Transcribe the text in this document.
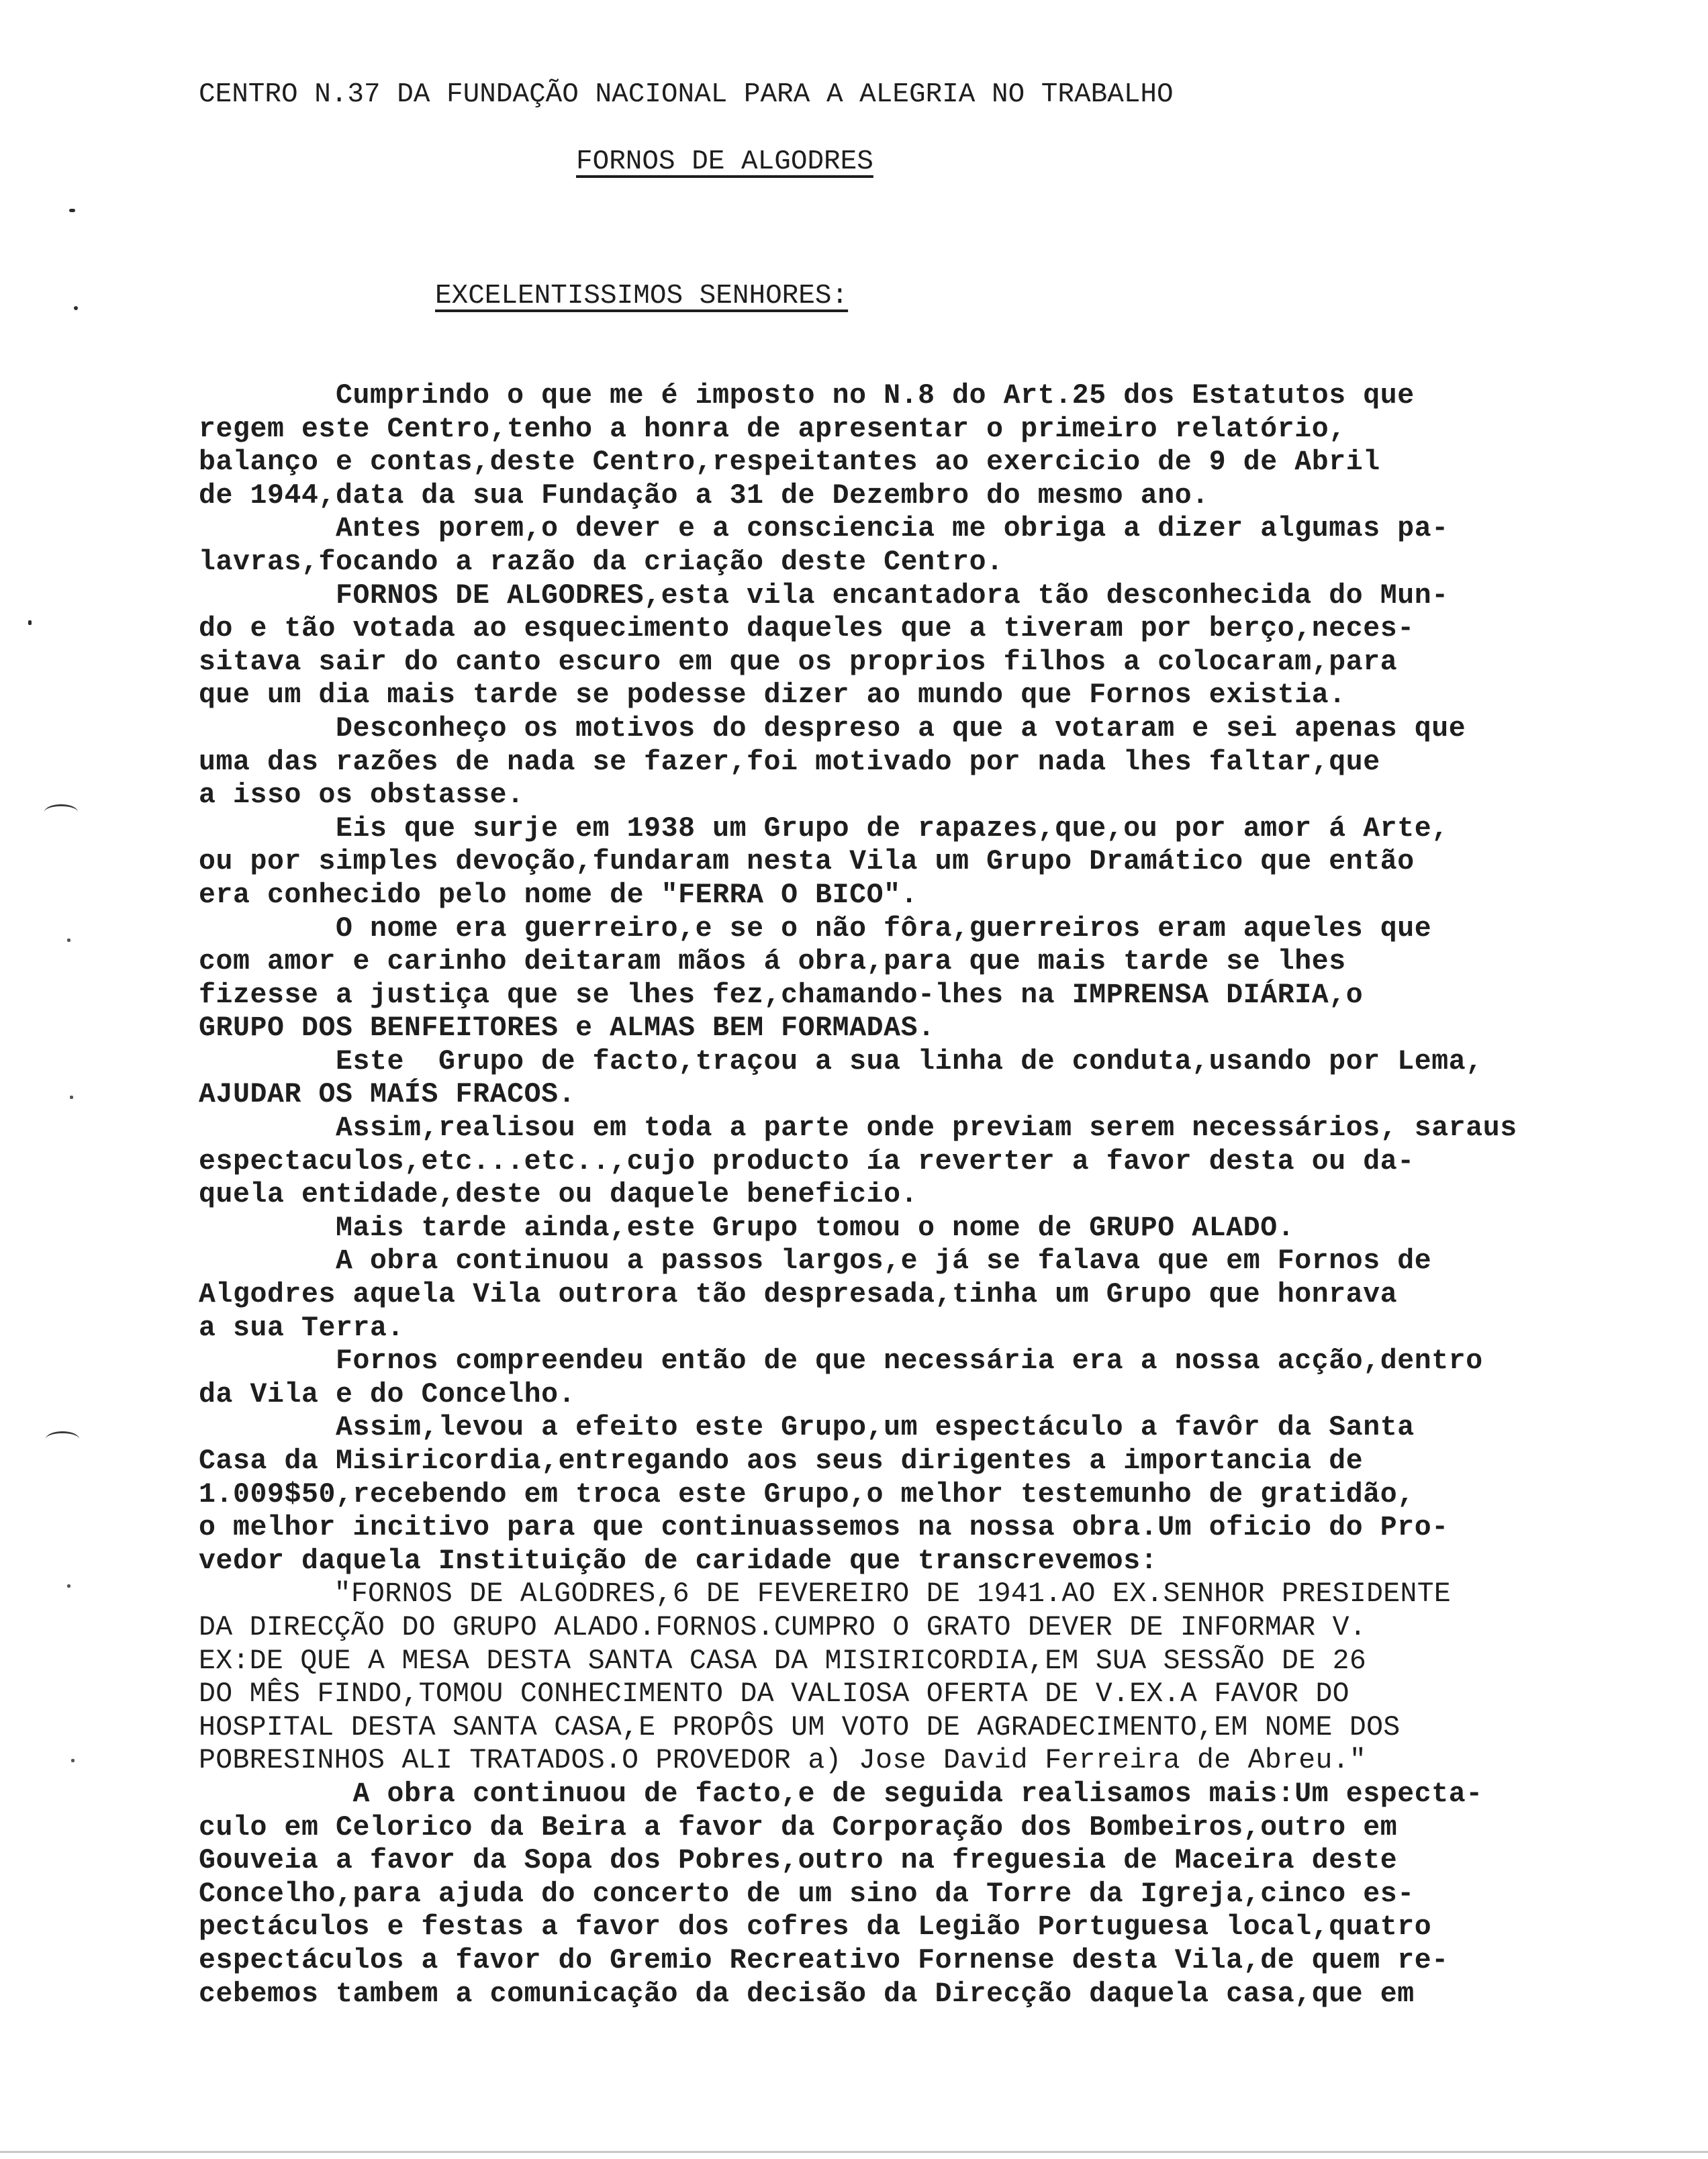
CENTRO N.37 DA FUNDAÇÃO NACIONAL PARA A ALEGRIA NO TRABALHO
FORNOS DE ALGODRES
EXCELENTISSIMOS SENHORES:
Cumprindo o que me é imposto no N.8 do Art.25 dos Estatutos que
regem este Centro,tenho a honra de apresentar o primeiro relatório,
balanço e contas,deste Centro,respeitantes ao exercicio de 9 de Abril
de 1944,data da sua Fundação a 31 de Dezembro do mesmo ano.
Antes porem,o dever e a consciencia me obriga a dizer algumas pa-
lavras,focando a razão da criação deste Centro.
FORNOS DE ALGODRES,esta vila encantadora tão desconhecida do Mun-
do e tão votada ao esquecimento daqueles que a tiveram por berço,neces-
sitava sair do canto escuro em que os proprios filhos a colocaram,para
que um dia mais tarde se podesse dizer ao mundo que Fornos existia.
Desconheço os motivos do despreso a que a votaram e sei apenas que
uma das razões de nada se fazer,foi motivado por nada lhes faltar,que
a isso os obstasse.
Eis que surje em 1938 um Grupo de rapazes,que,ou por amor á Arte,
ou por simples devoção,fundaram nesta Vila um Grupo Dramático que então
era conhecido pelo nome de "FERRA O BICO".
O nome era guerreiro,e se o não fôra,guerreiros eram aqueles que
com amor e carinho deitaram mãos á obra,para que mais tarde se lhes
fizesse a justiça que se lhes fez,chamando-lhes na IMPRENSA DIÁRIA,o
GRUPO DOS BENFEITORES e ALMAS BEM FORMADAS.
Este  Grupo de facto,traçou a sua linha de conduta,usando por Lema,
AJUDAR OS MAÍS FRACOS.
Assim,realisou em toda a parte onde previam serem necessários, saraus
espectaculos,etc...etc..,cujo producto ía reverter a favor desta ou da-
quela entidade,deste ou daquele beneficio.
Mais tarde ainda,este Grupo tomou o nome de GRUPO ALADO.
A obra continuou a passos largos,e já se falava que em Fornos de
Algodres aquela Vila outrora tão despresada,tinha um Grupo que honrava
a sua Terra.
Fornos compreendeu então de que necessária era a nossa acção,dentro
da Vila e do Concelho.
Assim,levou a efeito este Grupo,um espectáculo a favôr da Santa
Casa da Misiricordia,entregando aos seus dirigentes a importancia de
1.009$50,recebendo em troca este Grupo,o melhor testemunho de gratidão,
o melhor incitivo para que continuassemos na nossa obra.Um oficio do Pro-
vedor daquela Instituição de caridade que transcrevemos:
"FORNOS DE ALGODRES,6 DE FEVEREIRO DE 1941.AO EX.SENHOR PRESIDENTE
DA DIRECÇÃO DO GRUPO ALADO.FORNOS.CUMPRO O GRATO DEVER DE INFORMAR V.
EX:DE QUE A MESA DESTA SANTA CASA DA MISIRICORDIA,EM SUA SESSÃO DE 26
DO MÊS FINDO,TOMOU CONHECIMENTO DA VALIOSA OFERTA DE V.EX.A FAVOR DO
HOSPITAL DESTA SANTA CASA,E PROPÔS UM VOTO DE AGRADECIMENTO,EM NOME DOS
POBRESINHOS ALI TRATADOS.O PROVEDOR a) Jose David Ferreira de Abreu."
A obra continuou de facto,e de seguida realisamos mais:Um especta-
culo em Celorico da Beira a favor da Corporação dos Bombeiros,outro em
Gouveia a favor da Sopa dos Pobres,outro na freguesia de Maceira deste
Concelho,para ajuda do concerto de um sino da Torre da Igreja,cinco es-
pectáculos e festas a favor dos cofres da Legião Portuguesa local,quatro
espectáculos a favor do Gremio Recreativo Fornense desta Vila,de quem re-
cebemos tambem a comunicação da decisão da Direcção daquela casa,que em
